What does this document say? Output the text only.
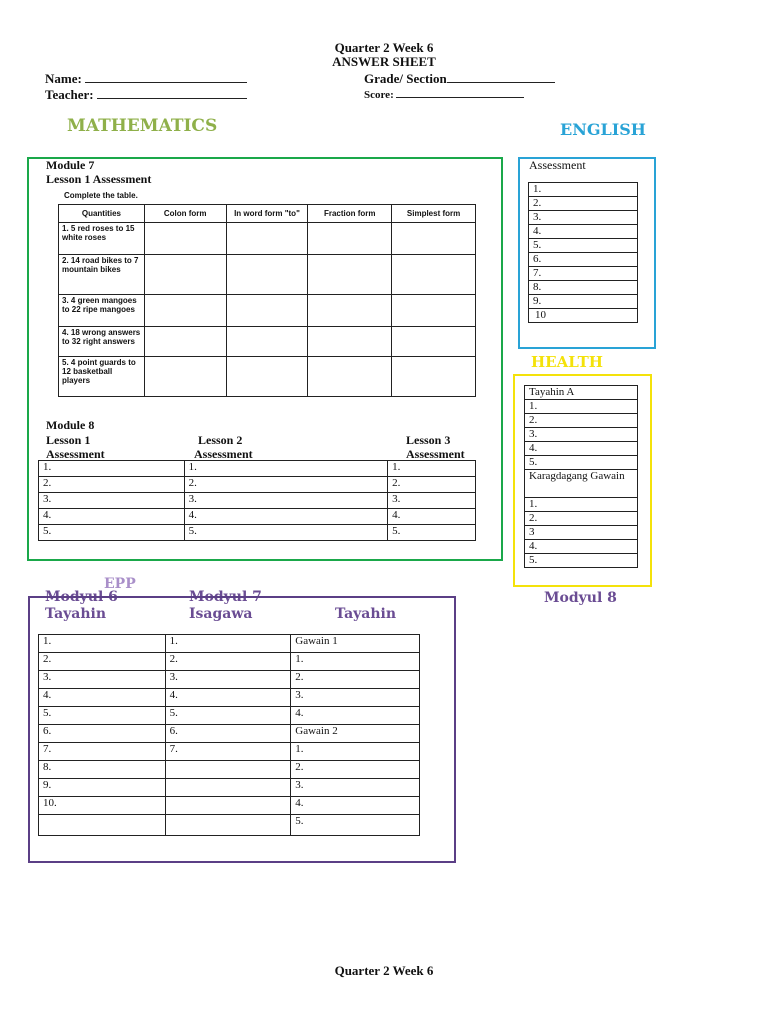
Quarter 2 Week 6
ANSWER SHEET
Name:	Grade/ Section
Teacher:	Score:
MATHEMATICS	ENGLISH
Module 7
Lesson 1 Assessment
Complete the table.
Quantities	Colon form	In word form "to"	Fraction form	Simplest form
1. 5 red roses to 15 white roses				
2. 14 road bikes to 7 mountain bikes				
3. 4 green mangoes to 22 ripe mangoes				
4. 18 wrong answers to 32 right answers				
5. 4 point guards to 12 basketball players				
Module 8
Lesson 1
Assessment
Lesson 2
Assessment
Lesson 3
Assessment
1.	1.	1.
2.	2.	2.
3.	3.	3.
4.	4.	4.
5.	5.	5.
Assessment
1.
2.
3.
4.
5.
6.
7.
8.
9.
10
HEALTH
Tayahin A
1.
2.
3.
4.
5.
Karagdagang Gawain
1.
2.
3
4.
5.
EPP
Modyul 6	Modyul 7	Modyul 8
Tayahin	Isagawa	Tayahin
1.	1.	Gawain 1
2.	2.	1.
3.	3.	2.
4.	4.	3.
5.	5.	4.
6.	6.	Gawain 2
7.	7.	1.
8.		2.
9.		3.
10.		4.
		5.
Quarter 2 Week 6
